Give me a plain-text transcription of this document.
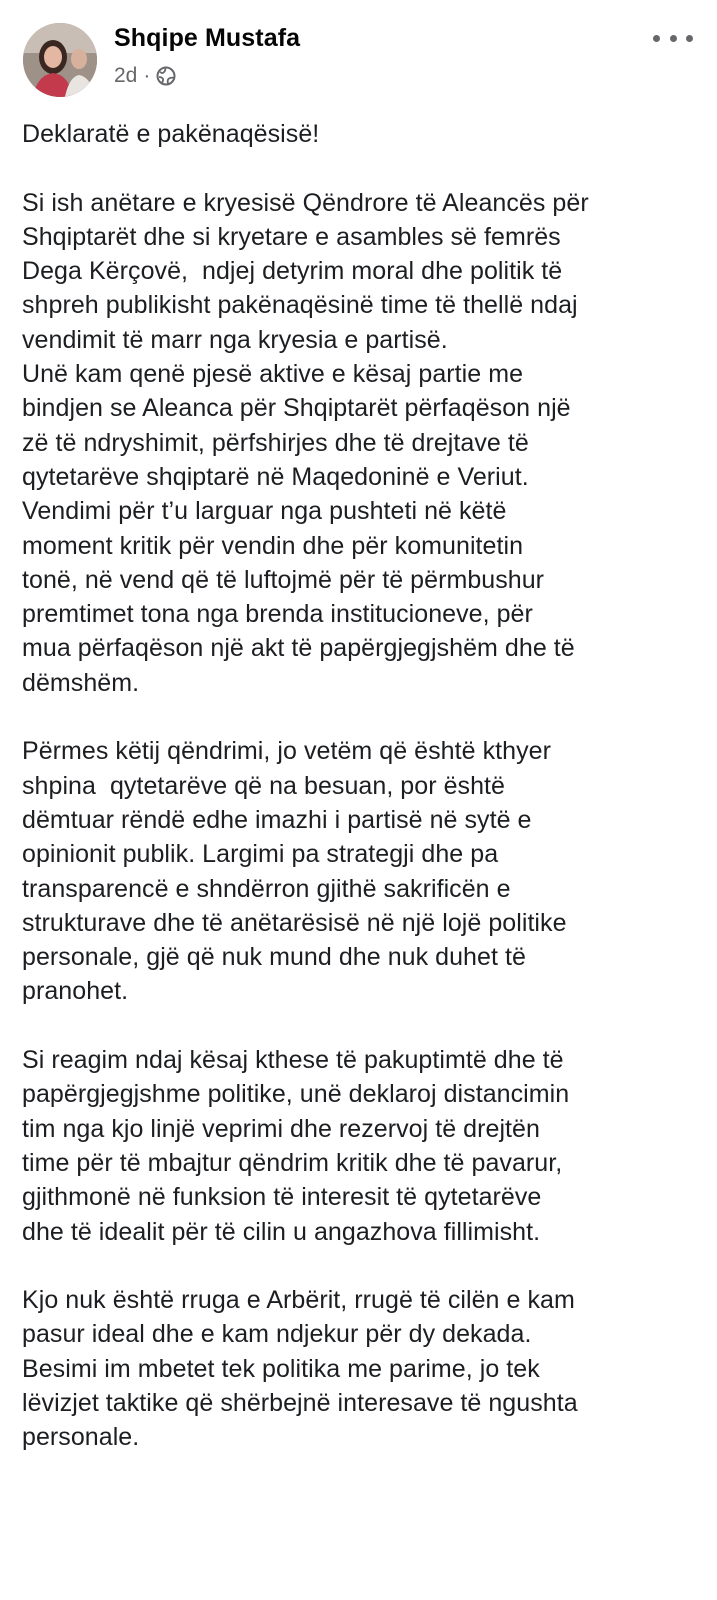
Shqipe Mustafa
2d ·

Deklaratë e pakënaqësisë!

Si ish anëtare e kryesisë Qëndrore të Aleancës për

Shqiptarët dhe si kryetare e asambles së femrës

Dega Kërçovë,  ndjej detyrim moral dhe politik të

shpreh publikisht pakënaqësinë time të thellë ndaj

vendimit të marr nga kryesia e partisë.

Unë kam qenë pjesë aktive e kësaj partie me

bindjen se Aleanca për Shqiptarët përfaqëson një

zë të ndryshimit, përfshirjes dhe të drejtave të

qytetarëve shqiptarë në Maqedoninë e Veriut.

Vendimi për t’u larguar nga pushteti në këtë

moment kritik për vendin dhe për komunitetin

tonë, në vend që të luftojmë për të përmbushur

premtimet tona nga brenda institucioneve, për

mua përfaqëson një akt të papërgjegjshëm dhe të

dëmshëm.

Përmes këtij qëndrimi, jo vetëm që është kthyer

shpina  qytetarëve që na besuan, por është

dëmtuar rëndë edhe imazhi i partisë në sytë e

opinionit publik. Largimi pa strategji dhe pa

transparencë e shndërron gjithë sakrificën e

strukturave dhe të anëtarësisë në një lojë politike

personale, gjë që nuk mund dhe nuk duhet të

pranohet.

Si reagim ndaj kësaj kthese të pakuptimtë dhe të

papërgjegjshme politike, unë deklaroj distancimin

tim nga kjo linjë veprimi dhe rezervoj të drejtën

time për të mbajtur qëndrim kritik dhe të pavarur,

gjithmonë në funksion të interesit të qytetarëve

dhe të idealit për të cilin u angazhova fillimisht.

Kjo nuk është rruga e Arbërit, rrugë të cilën e kam

pasur ideal dhe e kam ndjekur për dy dekada.

Besimi im mbetet tek politika me parime, jo tek

lëvizjet taktike që shërbejnë interesave të ngushta

personale.
